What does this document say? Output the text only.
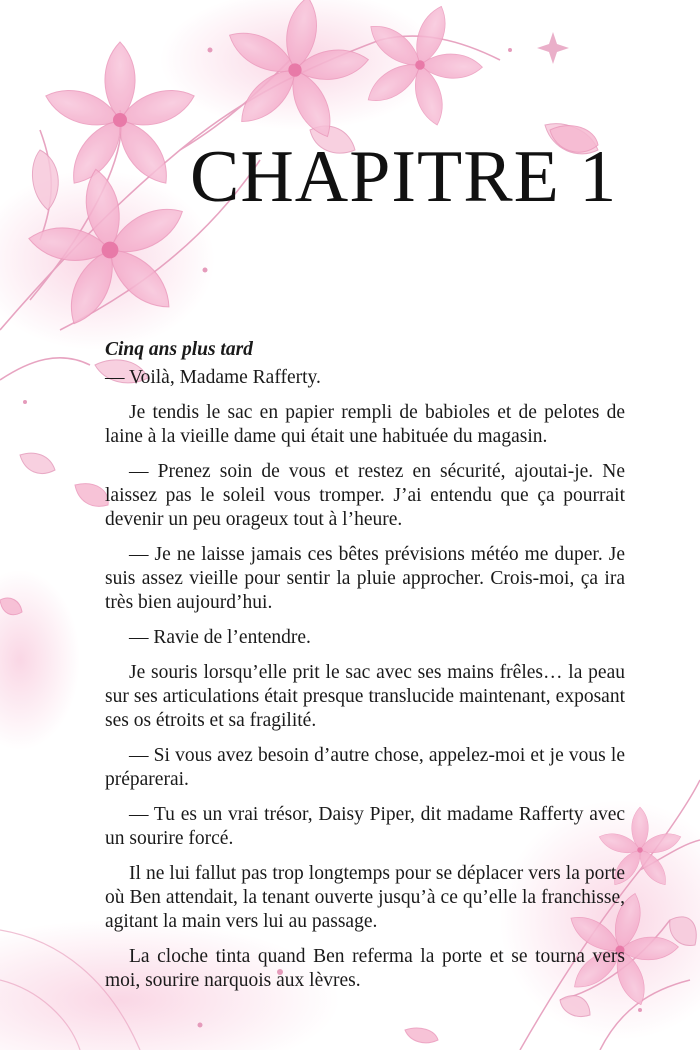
CHAPITRE 1

Cinq ans plus tard

— Voilà, Madame Rafferty.

Je tendis le sac en papier rempli de babioles et de pelotes de laine à la vieille dame qui était une habituée du magasin.

— Prenez soin de vous et restez en sécurité, ajoutai-je. Ne laissez pas le soleil vous tromper. J’ai entendu que ça pourrait devenir un peu orageux tout à l’heure.

— Je ne laisse jamais ces bêtes prévisions météo me duper. Je suis assez vieille pour sentir la pluie approcher. Crois-moi, ça ira très bien aujourd’hui.

— Ravie de l’entendre.

Je souris lorsqu’elle prit le sac avec ses mains frêles… la peau sur ses articulations était presque translucide maintenant, exposant ses os étroits et sa fragilité.

— Si vous avez besoin d’autre chose, appelez-moi et je vous le préparerai.

— Tu es un vrai trésor, Daisy Piper, dit madame Rafferty avec un sourire forcé.

Il ne lui fallut pas trop longtemps pour se déplacer vers la porte où Ben attendait, la tenant ouverte jusqu’à ce qu’elle la franchisse, agitant la main vers lui au passage.

La cloche tinta quand Ben referma la porte et se tourna vers moi, sourire narquois aux lèvres.
